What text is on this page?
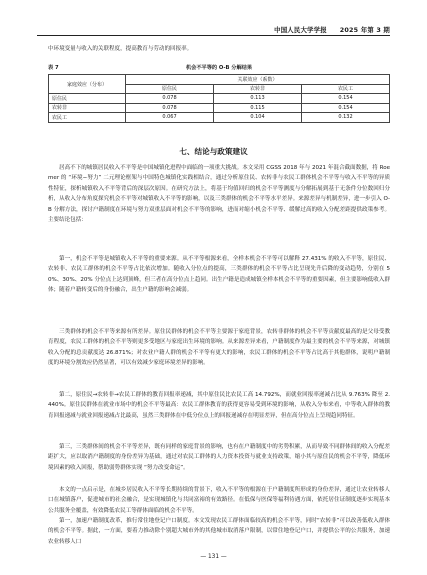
中国人民大学学报 2025 年第 3 期
中环境变量与收入的关联程度，提高教育与劳动的回报率。
表 7	机会不平等的 O-B 分解结果
家庭效应（分布）	关联效应（系数）		
	原住民	农转非	农民工
原住民	0.078	0.113	0.154
农转非	0.078	0.115	0.154
农民工	0.067	0.104	0.132
七、结论与政策建议
居高不下的城镇居民收入不平等是中国城镇化进程中面临的一项重大挑战。本文采用 CGSS 2018 年与 2021 年混合截面数据，将 Roemer 的 “环境−努力” 二元理论框架与中国特色城镇化实践相结合，通过分析原住民、农转非与农民工群体机会不平等与收入不平等的异质性特征，探析城镇收入不平等背后的深层次原因。在研究方法上，将基于均值回归的机会不平等测度与分解拓展到基于无条件分位数回归分析，从收入分布角度探究机会不平等对城镇收入不平等的影响，以及三类群体的机会不平等水平差异。来源差异与机制差异，进一步引入 O-B 分解方法，探讨户籍制度在环境与努力双重层面对机会不平等的影响，进而对缩小机会不平等、缓解过高的收入分配差距提供政策参考。主要结论包括：
第一，机会不平等是城镇收入不平等的重要来源。从不平等根源来看，全样本机会不平等可以解释 27.431% 的收入不平等，原住民、农转非、农民工群体的机会不平等占比依次增加。随收入分位点的提高，三类群体的机会不平等占比呈现先升后降的变动趋势，分别在 50%、30%、20% 分位点上达到顶峰，但三者在高分位点上趋同。出生户籍是造成城镇全样本机会不平等的重要因素，但主要影响低收入群体；随着户籍转变后的身份融合，出生户籍的影响会减弱。
三类群体的机会不平等来源有所差异。原住民群体的机会不平等主要源于家庭背景，农转非群体的机会不平等贡献度最高的是父母受教育程度，农民工群体的机会不平等则更多受地区与家庭出生环境的影响。从来源差异来看，户籍制度作为最主要的机会不平等来源，对城镇收入分配的总贡献度达 26.871%；对农业户籍人群的机会不平等有更大的影响，农民工群体的机会不平等占比高于其他群体，说明户籍制度的环境分割效应仍然显著，可以有效减少家庭环境差异的影响。
第二，原住民→农转非→农民工群体的教育回报率递减，其中原住民比农民工高 14.792%，而就业回报率递减占比从 9.763% 降至 2.440%。原住民群体在就业市场中的机会不平等最高：农民工群体教育的获得更容易受到环境的影响，从收入分布来看，中等收入群体的教育回报递减与就业回报递减占比最高，虽然三类群体在中低分位点上的回报递减存在明显差异，但在高分位点上呈现趋同特征。
第三，三类群体间的机会不平等差异，既有同样的家庭背景的影响，也有在户籍制度中的劣势积累，从而导致不同群体间的收入分配差距扩大，应以取消户籍制度的身份差异为基础，通过对农民工群体的人力资本投资与就业支持政策，缩小其与原住民的机会不平等，降低环境因素的收入回报，帮助弱势群体实现 “努力改变命运”。
本文的一点启示是，在城乡居民收入不平等长期持续的背景下，收入不平等的根源在于户籍制度所形成的身份差异，通过让农业转移人口在城镇落户，促进城市的社会融合，是实现城镇化与共同富裕的有效路径。在低保与医保等福利待遇方面，依托居住证制度逐步实现基本公共服务全覆盖，有效降低农民工等群体面临的机会不平等。
第一，加速户籍制度改革，推行常住地登记户口制度。本文发现农民工群体面临较高的机会不平等，同时“农转非”可以改善低收入群体的机会不平等。据此，一方面，要着力推动除个别超大城市外的其他城市取消落户限制，以常住地登记户口，并提供公平的公共服务，加速农业转移人口
— 131 —
